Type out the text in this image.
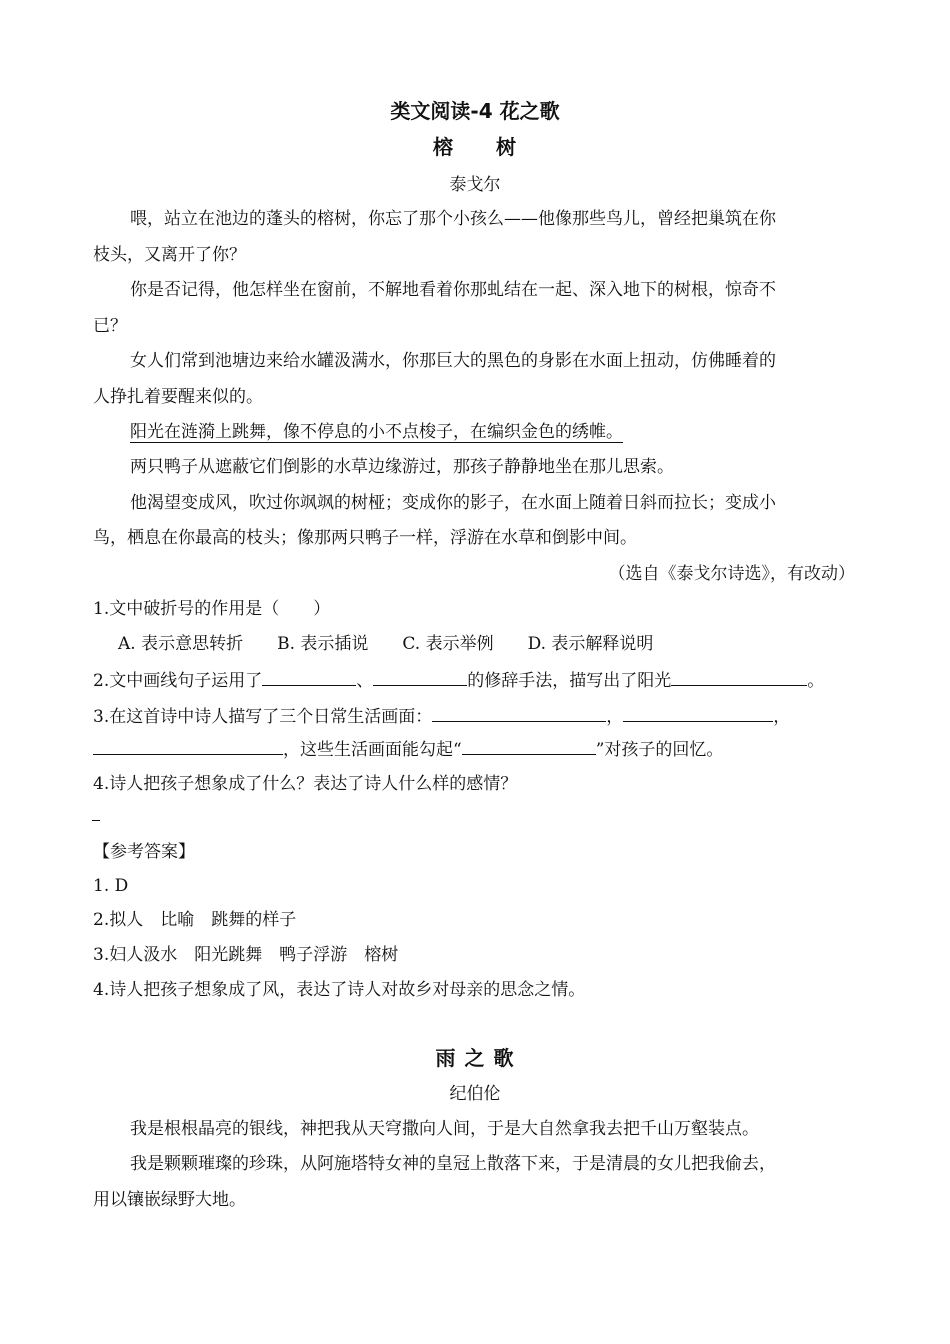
类文阅读-4 花之歌
榕　　树
泰戈尔
喂，站立在池边的蓬头的榕树，你忘了那个小孩么——他像那些鸟儿，曾经把巢筑在你
枝头，又离开了你？
你是否记得，他怎样坐在窗前，不解地看着你那虬结在一起、深入地下的树根，惊奇不
已？
女人们常到池塘边来给水罐汲满水，你那巨大的黑色的身影在水面上扭动，仿佛睡着的
人挣扎着要醒来似的。
阳光在涟漪上跳舞，像不停息的小不点梭子，在编织金色的绣帷。
两只鸭子从遮蔽它们倒影的水草边缘游过，那孩子静静地坐在那儿思索。
他渴望变成风，吹过你飒飒的树桠；变成你的影子，在水面上随着日斜而拉长；变成小
鸟，栖息在你最高的枝头；像那两只鸭子一样，浮游在水草和倒影中间。
（选自《泰戈尔诗选》，有改动）
1.文中破折号的作用是（　　）
A. 表示意思转折　　B. 表示插说　　C. 表示举例　　D. 表示解释说明
2.文中画线句子运用了	、	的修辞手法，描写出了阳光	。
3.在这首诗中诗人描写了三个日常生活画面：	，	，
，这些生活画面能勾起“	”对孩子的回忆。
4.诗人把孩子想象成了什么？表达了诗人什么样的感情？
【参考答案】
1. D
2.拟人　比喻　跳舞的样子
3.妇人汲水　阳光跳舞　鸭子浮游　榕树
4.诗人把孩子想象成了风，表达了诗人对故乡对母亲的思念之情。
雨 之 歌
纪伯伦
我是根根晶亮的银线，神把我从天穹撒向人间，于是大自然拿我去把千山万壑装点。
我是颗颗璀璨的珍珠，从阿施塔特女神的皇冠上散落下来，于是清晨的女儿把我偷去，
用以镶嵌绿野大地。
